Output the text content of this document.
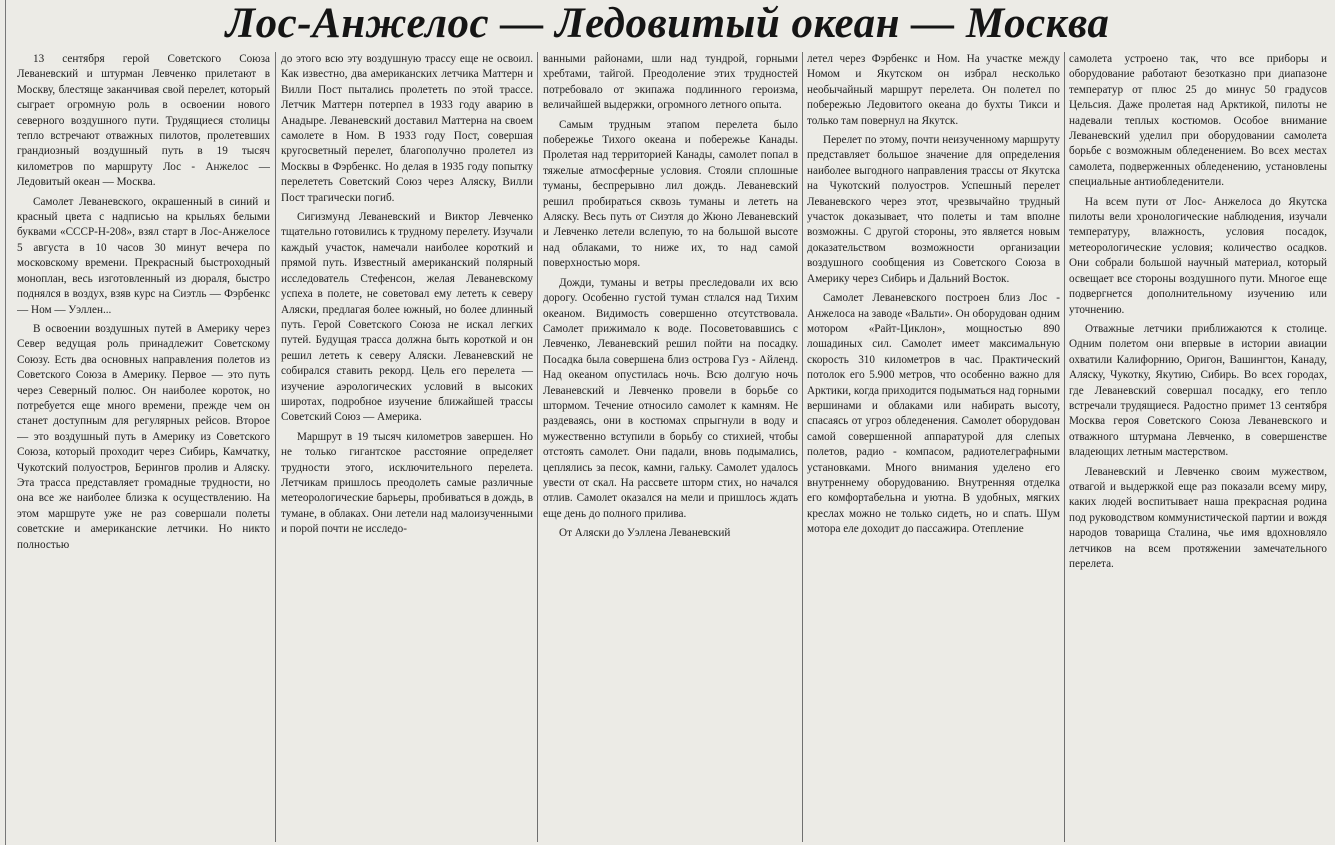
Лос-Анжелос — Ледовитый океан — Москва

13 сентября герой Советского Союза Леваневский и штурман Левченко прилетают в Москву, блестяще заканчивая свой перелет, который сыграет огромную роль в освоении нового северного воздушного пути. Трудящиеся столицы тепло встречают отважных пилотов, пролетевших грандиозный воздушный путь в 19 тысяч километров по маршруту Лос - Анжелос — Ледовитый океан — Москва.

Самолет Леваневского, окрашенный в синий и красный цвета с надписью на крыльях белыми буквами «СССР-Н-208», взял старт в Лос-Анжелосе 5 августа в 10 часов 30 минут вечера по московскому времени. Прекрасный быстроходный моноплан, весь изготовленный из дюраля, быстро поднялся в воздух, взяв курс на Сиэтль — Фэрбенкс — Ном — Уэллен...

В освоении воздушных путей в Америку через Север ведущая роль принадлежит Советскому Союзу. Есть два основных направления полетов из Советского Союза в Америку. Первое — это путь через Северный полюс. Он наиболее короток, но потребуется еще много времени, прежде чем он станет доступным для регулярных рейсов. Второе — это воздушный путь в Америку из Советского Союза, который проходит через Сибирь, Камчатку, Чукотский полуостров, Берингов пролив и Аляску. Эта трасса представляет громадные трудности, но она все же наиболее близка к осуществлению. На этом маршруте уже не раз совершали полеты советские и американские летчики. Но никто полностью

до этого всю эту воздушную трассу еще не освоил. Как известно, два американских летчика Маттерн и Вилли Пост пытались пролететь по этой трассе. Летчик Маттерн потерпел в 1933 году аварию в Анадыре. Леваневский доставил Маттерна на своем самолете в Ном. В 1933 году Пост, совершая кругосветный перелет, благополучно пролетел из Москвы в Фэрбенкс. Но делая в 1935 году попытку перелететь Советский Союз через Аляску, Вилли Пост трагически погиб.

Сигизмунд Леваневский и Виктор Левченко тщательно готовились к трудному перелету. Изучали каждый участок, намечали наиболее короткий и прямой путь. Известный американский полярный исследователь Стефенсон, желая Леваневскому успеха в полете, не советовал ему лететь к северу Аляски, предлагая более южный, но более длинный путь. Герой Советского Союза не искал легких путей. Будущая трасса должна быть короткой и он решил лететь к северу Аляски. Леваневский не собирался ставить рекорд. Цель его перелета — изучение аэрологических условий в высоких широтах, подробное изучение ближайшей трассы Советский Союз — Америка.

Маршрут в 19 тысяч километров завершен. Но не только гигантское расстояние определяет трудности этого, исключительного перелета. Летчикам пришлось преодолеть самые различные метеорологические барьеры, пробиваться в дождь, в тумане, в облаках. Они летели над малоизученными и порой почти не исследо-

ванными районами, шли над тундрой, горными хребтами, тайгой. Преодоление этих трудностей потребовало от экипажа подлинного героизма, величайшей выдержки, огромного летного опыта.

Самым трудным этапом перелета было побережье Тихого океана и побережье Канады. Пролетая над территорией Канады, самолет попал в тяжелые атмосферные условия. Стояли сплошные туманы, беспрерывно лил дождь. Леваневский решил пробираться сквозь туманы и лететь на Аляску. Весь путь от Сиэтля до Жюно Леваневский и Левченко летели вслепую, то на большой высоте над облаками, то ниже их, то над самой поверхностью моря.

Дожди, туманы и ветры преследовали их всю дорогу. Особенно густой туман стлался над Тихим океаном. Видимость совершенно отсутствовала. Самолет прижимало к воде. Посоветовавшись с Левченко, Леваневский решил пойти на посадку. Посадка была совершена близ острова Гуз - Айленд. Над океаном опустилась ночь. Всю долгую ночь Леваневский и Левченко провели в борьбе со штормом. Течение относило самолет к камням. Не раздеваясь, они в костюмах спрыгнули в воду и мужественно вступили в борьбу со стихией, чтобы отстоять самолет. Они падали, вновь подымались, цеплялись за песок, камни, гальку. Самолет удалось увести от скал. На рассвете шторм стих, но начался отлив. Самолет оказался на мели и пришлось ждать еще день до полного прилива.

От Аляски до Уэллена Леваневский

летел через Фэрбенкс и Ном. На участке между Номом и Якутском он избрал несколько необычайный маршрут перелета. Он полетел по побережью Ледовитого океана до бухты Тикси и только там повернул на Якутск.

Перелет по этому, почти неизученному маршруту представляет большое значение для определения наиболее выгодного направления трассы от Якутска на Чукотский полуостров. Успешный перелет Леваневского через этот, чрезвычайно трудный участок доказывает, что полеты и там вполне возможны. С другой стороны, это является новым доказательством возможности организации воздушного сообщения из Советского Союза в Америку через Сибирь и Дальний Восток.

Самолет Леваневского построен близ Лос - Анжелоса на заводе «Вальти». Он оборудован одним мотором «Райт-Циклон», мощностью 890 лошадиных сил. Самолет имеет максимальную скорость 310 километров в час. Практический потолок его 5.900 метров, что особенно важно для Арктики, когда приходится подыматься над горными вершинами и облаками или набирать высоту, спасаясь от угроз обледенения. Самолет оборудован самой совершенной аппаратурой для слепых полетов, радио - компасом, радиотелеграфными установками. Много внимания уделено его внутреннему оборудованию. Внутренняя отделка его комфортабельна и уютна. В удобных, мягких креслах можно не только сидеть, но и спать. Шум мотора еле доходит до пассажира. Отепление

самолета устроено так, что все приборы и оборудование работают безотказно при диапазоне температур от плюс 25 до минус 50 градусов Цельсия. Даже пролетая над Арктикой, пилоты не надевали теплых костюмов. Особое внимание Леваневский уделил при оборудовании самолета борьбе с возможным обледенением. Во всех местах самолета, подверженных обледенению, установлены специальные антиобледенители.

На всем пути от Лос- Анжелоса до Якутска пилоты вели хронологические наблюдения, изучали температуру, влажность, условия посадок, метеорологические условия; количество осадков. Они собрали большой научный материал, который освещает все стороны воздушного пути. Многое еще подвергнется дополнительному изучению или уточнению.

Отважные летчики приближаются к столице. Одним полетом они впервые в истории авиации охватили Калифорнию, Оригон, Вашингтон, Канаду, Аляску, Чукотку, Якутию, Сибирь. Во всех городах, где Леваневский совершал посадку, его тепло встречали трудящиеся. Радостно примет 13 сентября Москва героя Советского Союза Леваневского и отважного штурмана Левченко, в совершенстве владеющих летным мастерством.

Леваневский и Левченко своим мужеством, отвагой и выдержкой еще раз показали всему миру, каких людей воспитывает наша прекрасная родина под руководством коммунистической партии и вождя народов товарища Сталина, чье имя вдохновляло летчиков на всем протяжении замечательного перелета.
